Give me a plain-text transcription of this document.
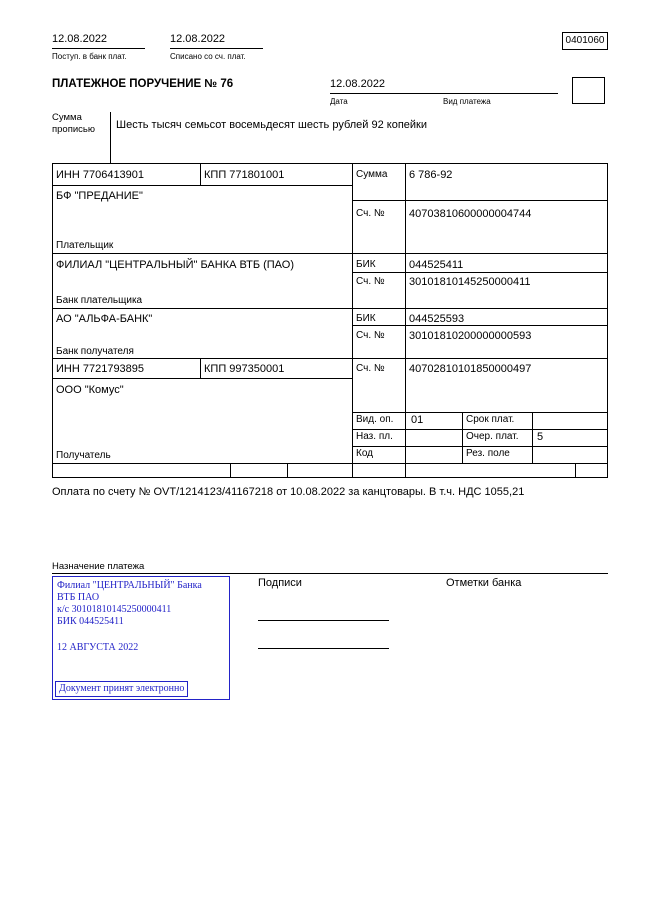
12.08.2022
Поступ. в банк плат.
12.08.2022
Списано со сч. плат.
0401060
ПЛАТЕЖНОЕ ПОРУЧЕНИЕ № 76	12.08.2022
Дата	Вид платежа
Сумма
прописью Шесть тысяч семьсот восемьдесят шесть рублей 92 копейки
ИНН 7706413901	КПП 771801001	Сумма 6 786-92
БФ "ПРЕДАНИЕ"
Сч. № 40703810600000004744
Плательщик
ФИЛИАЛ "ЦЕНТРАЛЬНЫЙ" БАНКА ВТБ (ПАО)	БИК	044525411
Сч. № 30101810145250000411
Банк плательщика
АО "АЛЬФА-БАНК"	БИК	044525593
Сч. № 30101810200000000593
Банк получателя
ИНН 7721793895	КПП 997350001	Сч. № 40702810101850000497
ООО "Комус"
Получатель
Вид. оп. 01	Срок плат.
Наз. пл.	Очер. плат. 5
Код	Рез. поле
Оплата по счету № OVT/1214123/41167218 от 10.08.2022 за канцтовары. В т.ч. НДС 1055,21
Назначение платежа
Подписи	Отметки банка
Филиал "ЦЕНТРАЛЬНЫЙ" Банка
ВТБ ПАО
к/с 30101810145250000411
БИК 044525411
12 АВГУСТА 2022
Документ принят электронно
